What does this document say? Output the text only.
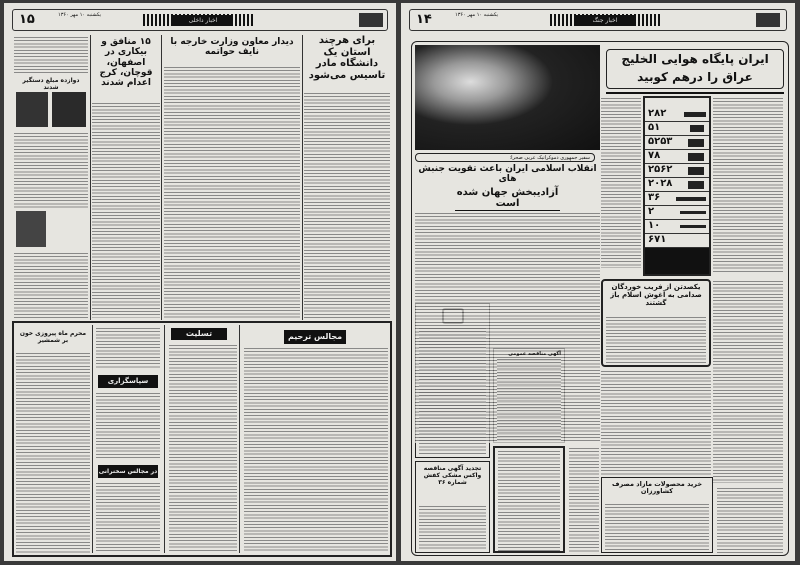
۱۵	یکشنبه ۱۰ مهر ۱۳۶۰
اخبار داخلی
برای هرچند استان یک دانشگاه مادر تاسیس می‌شود
دیدار معاون وزارت خارجه با نایف حواتمه
۱۵ منافق و بیکاری در اصفهان، قوچان، کرج اعدام شدند
دوازده مبلغ دستگیر شدند
مجالس ترحیم
تسلیت
سپاسگزاری
در مجالس سخنرانی
محرم ماه پیروزی خون بر شمشیر
۱۴	یکشنبه ۱۰ مهر ۱۳۶۰
اخبار جنگ
ایران پایگاه هوایی الخلیج
عراق را درهم کوبید
۲۸۲
۵۱
۵۲۵۳
۷۸
۲۵۶۲
۲۰۲۸
۳۶
۲
۱۰
۶۷۱
سفیر جمهوری دموکراتیک عربی صحرا:
انقلاب اسلامی ایران باعث تقویت جنبش های
آزادیبخش جهان شده است
یکصدتن از فریب خوردگان صدامی به آغوش اسلام باز گشتند
آگهی مناقصه عمومی
تجدید آگهی مناقصه واکس مشکی کفش شماره ۳۶	خرید محصولات مازاد مصرف کشاورزان
